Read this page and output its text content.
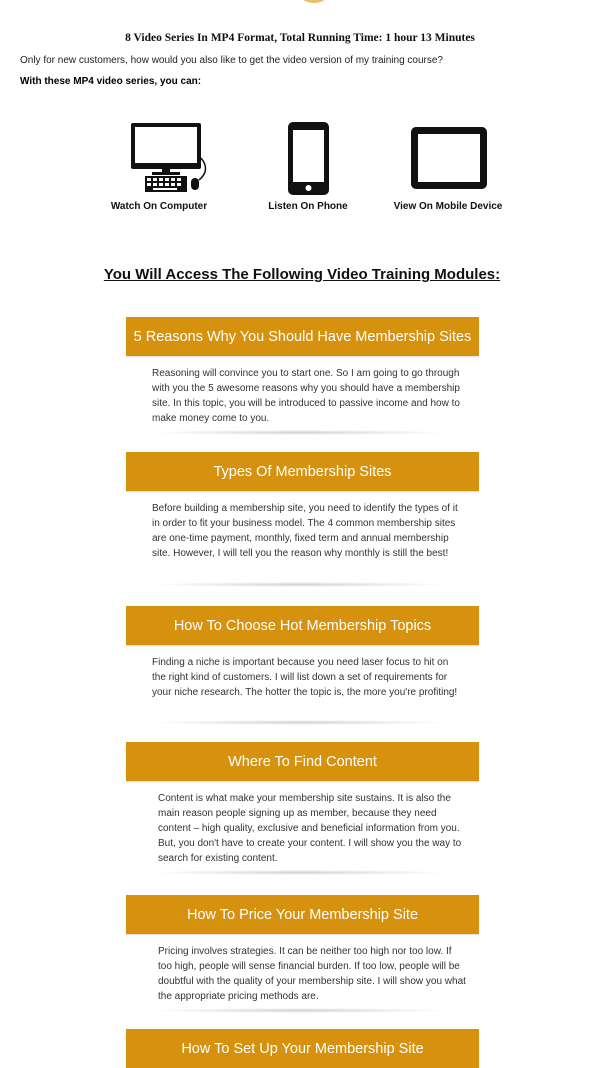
8 Video Series In MP4 Format, Total Running Time: 1 hour 13 Minutes
Only for new customers, how would you also like to get the video version of my training course?
With these MP4 video series, you can:
Watch On Computer	Listen On Phone	View On Mobile Device
You Will Access The Following Video Training Modules:
5 Reasons Why You Should Have Membership Sites
Reasoning will convince you to start one. So I am going to go through with you the 5 awesome reasons why you should have a membership site. In this topic, you will be introduced to passive income and how to make money come to you.
Types Of Membership Sites
Before building a membership site, you need to identify the types of it in order to fit your business model. The 4 common membership sites are one-time payment, monthly, fixed term and annual membership site. However, I will tell you the reason why monthly is still the best!
How To Choose Hot Membership Topics
Finding a niche is important because you need laser focus to hit on the right kind of customers. I will list down a set of requirements for your niche research. The hotter the topic is, the more you're profiting!
Where To Find Content
Content is what make your membership site sustains. It is also the main reason people signing up as member, because they need content – high quality, exclusive and beneficial information from you. But, you don't have to create your content. I will show you the way to search for existing content.
How To Price Your Membership Site
Pricing involves strategies. It can be neither too high nor too low. If too high, people will sense financial burden. If too low, people will be doubtful with the quality of your membership site. I will show you what the appropriate pricing methods are.
How To Set Up Your Membership Site
